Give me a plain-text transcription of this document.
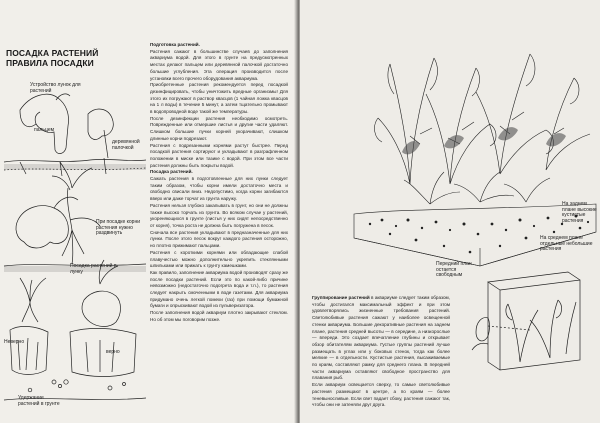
ПОСАДКА РАСТЕНИЙ
ПРАВИЛА ПОСАДКИ
Устройство лунок для растений
пальцем
деревянной палочкой
При посадке корни растения нужно раздвинуть
Посадка растений в лунку
Неверно
верно
Удержание растений в грунте

Подготовка растений.

Растения сажают в большинстве случаев до заполнения аквариума водой. Для этого в грунте на предусмотренных местах делают пальцем или деревянной палочкой достаточно большие углубления. Эта операция производится после установки всего прочего оборудования аквариума.

Приобретенные растения рекомендуется перед посадкой дезинфицировать, чтобы уничтожить вредные организмы! Для этого их погружают в раствор квасцов (1 чайная ложка квасцов на 1 л воды) в течение 5 минут, а затем тщательно промывают в водопроводной воде такой же температуры.

После дезинфекции растения необходимо осмотреть. Поврежденные или отмершие листья и другие части удаляют. Слишком большие пучки корней укорачивают, слишком длинные корни подрезают.

Растения с подрезанными корнями растут быстрее. Перед посадкой растения сортируют и укладывают в разграфленном положении в миске или тазике с водой. При этом все части растения должны быть покрыты водой.

Посадка растений.

Сажать растения в подготовленные для них лунки следует таким образом, чтобы корни имели достаточно места и свободно свисали вниз. Недопустимо, когда корни загибаются вверх или даже торчат из грунта наружу.

Растения нельзя глубоко закапывать в грунт, но они не должны также высоко торчать из грунта. Во всяком случае у растений, укореняющихся в грунте (листья у них сидят непосредственно от корня), точка роста не должна быть погружена в песок.

Сначала все растения укладывают в предназначенные для них лунки. После этого песок вокруг каждого растения осторожно, но плотно прижимают пальцами.

Растения с короткими корнями или обладающие слабой плавучестью можно дополнительно укрепить стеклянными шпильками или прижать к грунту камешками.

Как правило, заполнение аквариума водой производят сразу же после посадки растений. Если это по какой-либо причине невозможно (недостаточно подогрета вода и т.п.), то растения следует накрыть смоченными в воде газетами. Для аквариума придумано очень легкой помехи (газ) при помощи бумажной бумаги и опрыскивают водой из пульверизатора.

После заполнения водой аквариум плотно закрывают стеклом. Но об этом мы поговорим позже.

На заднем плане высокие кустистые растения
На среднем плане отдельные небольшие растения
Передний план остается свободным
Группирование растений в аквариуме следует таким образом, чтобы достигался максимальный эффект и при этом удовлетворялись жизненные требования растений. Светолюбивые растения сажают у наиболее освещенной стенки аквариума. Большие декоративные растения на заднем плане, растения средней высоты — в середине, а низкорослые — впереди. Это создает впечатление глубины и открывает обзор обитателям аквариума. Густые группы растений лучше размещать в углах или у боковых стенок, тогда как более мелкие — в отдельности. Кустистые растения, высаживаемые по краям, составляют рамку для среднего плана. В передней части аквариума оставляют свободное пространство для плавания рыб.

Если аквариум освещается сверху, то самые светолюбивые растения размещают в центре, а по краям — более теневыносливые. Если свет падает сбоку, растения сажают так, чтобы они не затеняли друг друга.
